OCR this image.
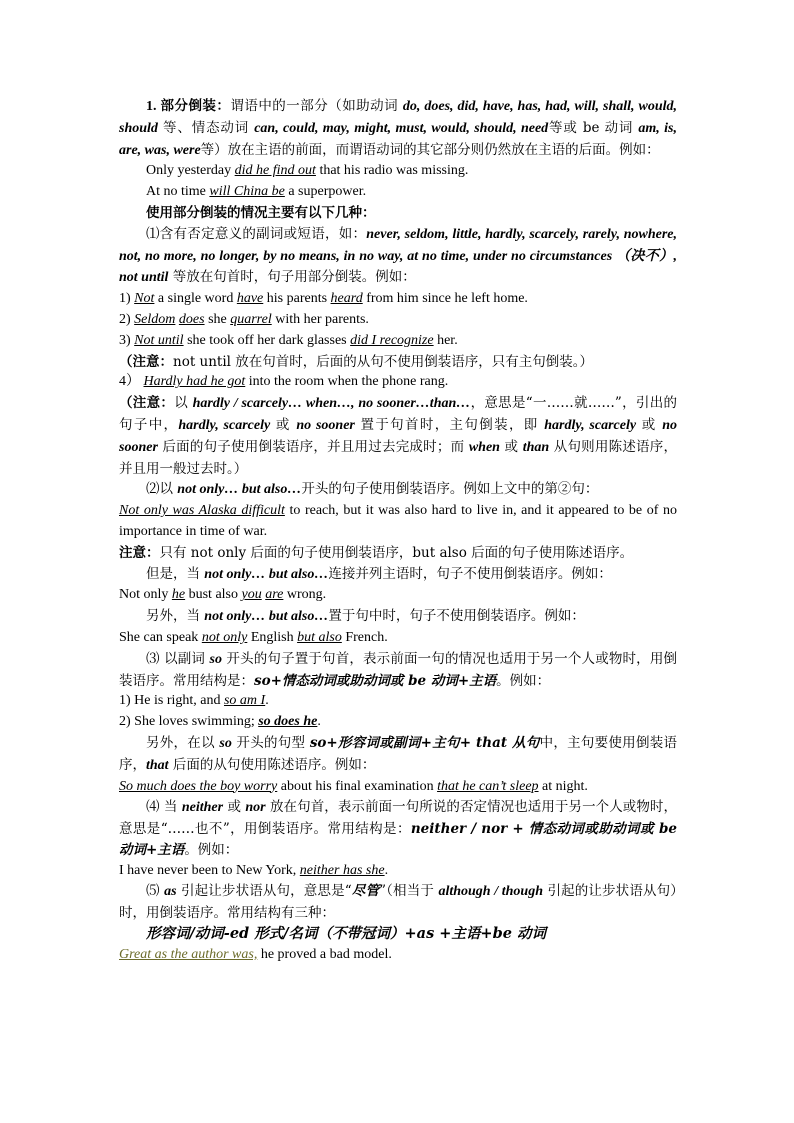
1. 部分倒装：谓语中的一部分（如助动词 do, does, did, have, has, had, will, shall, would, should 等、情态动词 can, could, may, might, must, would, should, need等或 be 动词 am, is, are, was, were等）放在主语的前面，而谓语动词的其它部分则仍然放在主语的后面。例如：

Only yesterday did he find out that his radio was missing.

At no time will China be a superpower.

使用部分倒装的情况主要有以下几种：

⑴含有否定意义的副词或短语，如：never, seldom, little, hardly, scarcely, rarely, nowhere, not, no more, no longer, by no means, in no way, at no time, under no circumstances （决不）, not until 等放在句首时，句子用部分倒装。例如：

1) Not a single word have his parents heard from him since he left home.

2) Seldom does she quarrel with her parents.

3) Not until she took off her dark glasses did I recognize her.

（注意：not until 放在句首时，后面的从句不使用倒装语序，只有主句倒装。）

4） Hardly had he got into the room when the phone rang.

（注意：以 hardly / scarcely… when…, no sooner…than…，意思是“一……就……”，引出的句子中，hardly, scarcely 或 no sooner 置于句首时，主句倒装，即 hardly, scarcely 或 no sooner 后面的句子使用倒装语序，并且用过去完成时；而 when 或 than 从句则用陈述语序，并且用一般过去时。）

⑵以 not only… but also…开头的句子使用倒装语序。例如上文中的第②句：

Not only was Alaska difficult to reach, but it was also hard to live in, and it appeared to be of no importance in time of war.

注意：只有 not only 后面的句子使用倒装语序，but also 后面的句子使用陈述语序。

但是，当 not only… but also…连接并列主语时，句子不使用倒装语序。例如：

Not only he bust also you are wrong.

另外，当 not only… but also…置于句中时，句子不使用倒装语序。例如：

She can speak not only English but also French.

⑶ 以副词 so 开头的句子置于句首，表示前面一句的情况也适用于另一个人或物时，用倒装语序。常用结构是：so+情态动词或助动词或 be 动词+主语。例如：

1) He is right, and so am I.

2) She loves swimming; so does he.

另外，在以 so 开头的句型 so+形容词或副词+主句+ that 从句中，主句要使用倒装语序，that 后面的从句使用陈述语序。例如：

So much does the boy worry about his final examination that he can’t sleep at night.

⑷ 当 neither 或 nor 放在句首，表示前面一句所说的否定情况也适用于另一个人或物时，意思是“……也不”，用倒装语序。常用结构是：neither / nor + 情态动词或助动词或 be 动词+主语。例如：

I have never been to New York, neither has she.

⑸ as 引起让步状语从句，意思是“尽管”（相当于 although / though 引起的让步状语从句）时，用倒装语序。常用结构有三种：

形容词/动词-ed 形式/名词（不带冠词）+as +主语+be 动词

Great as the author was, he proved a bad model.
